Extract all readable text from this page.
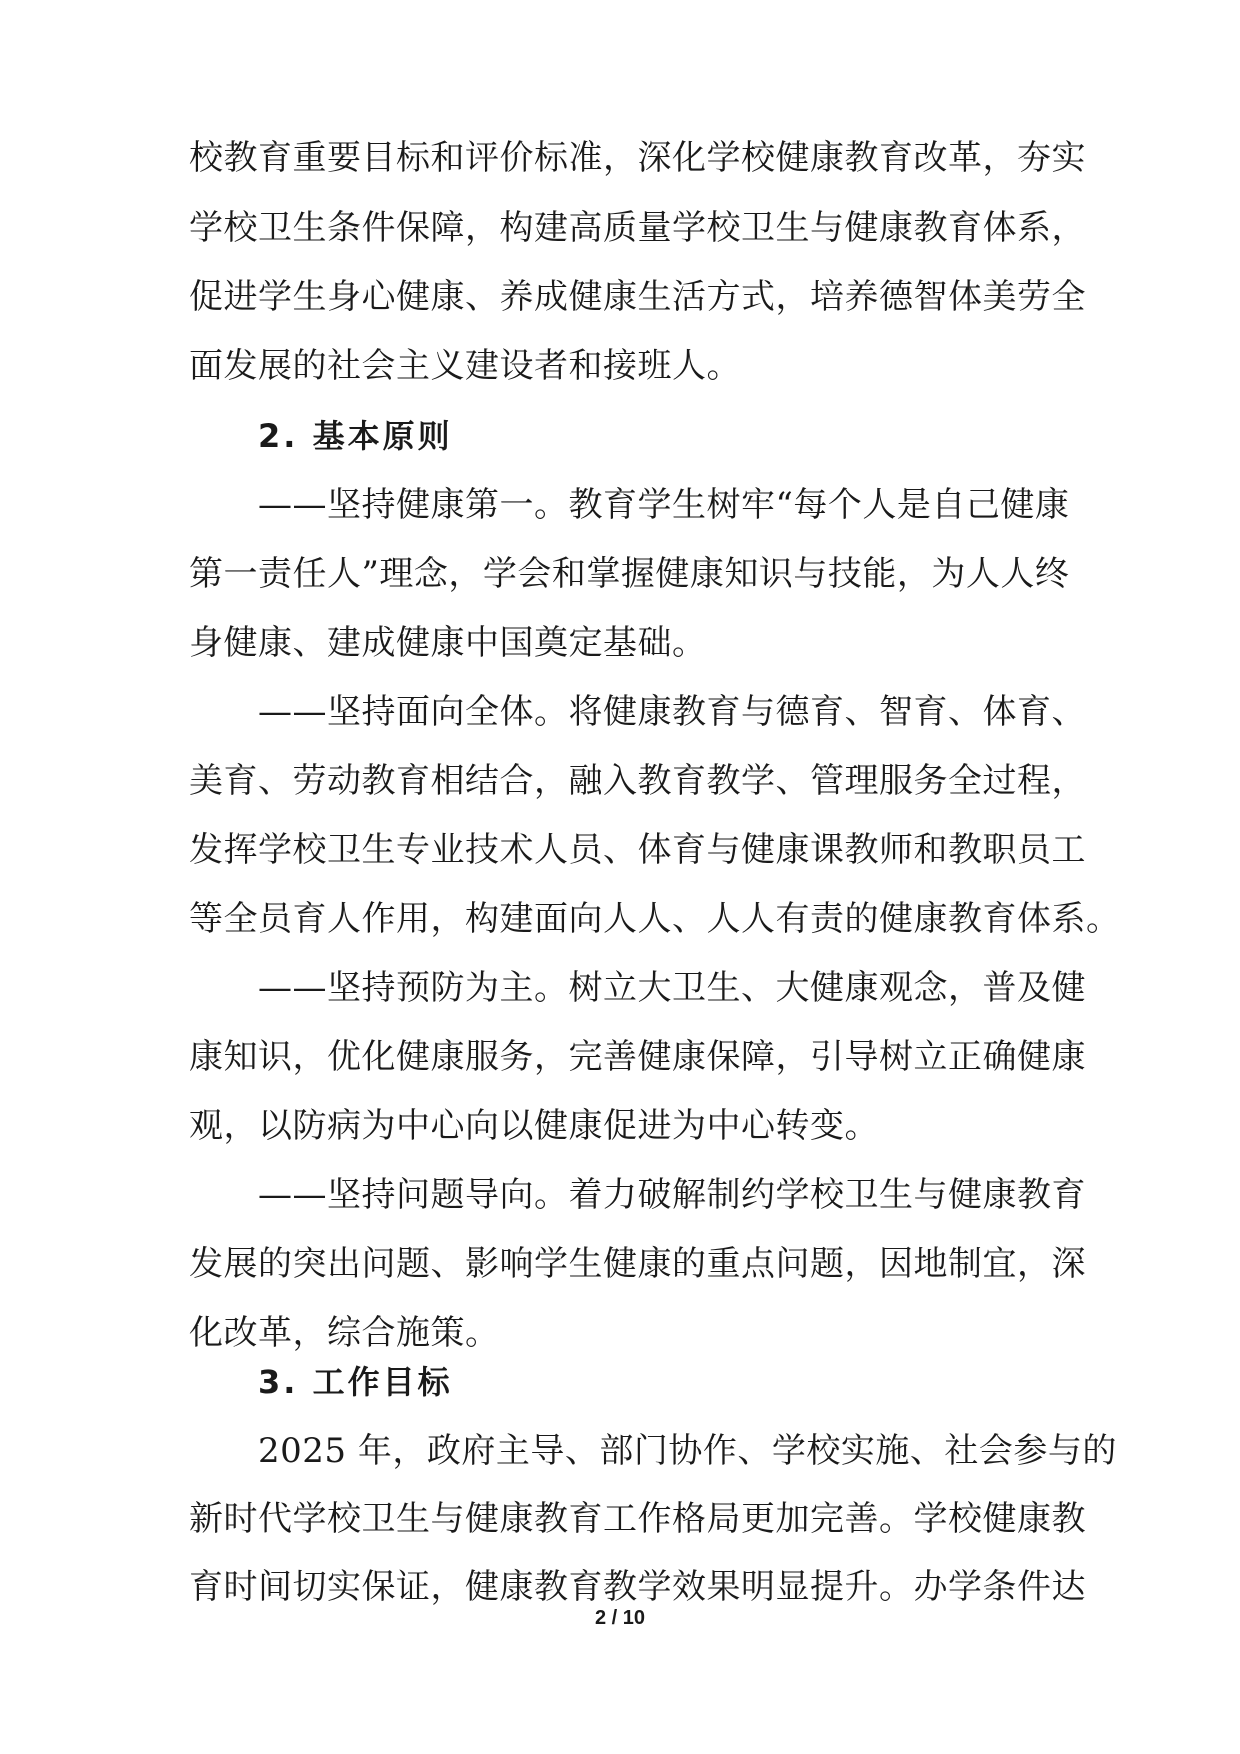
校教育重要目标和评价标准，深化学校健康教育改革，夯实
学校卫生条件保障，构建高质量学校卫生与健康教育体系，
促进学生身心健康、养成健康生活方式，培养德智体美劳全
面发展的社会主义建设者和接班人。
2. 基本原则
——坚持健康第一。教育学生树牢“每个人是自己健康
第一责任人”理念，学会和掌握健康知识与技能，为人人终
身健康、建成健康中国奠定基础。
——坚持面向全体。将健康教育与德育、智育、体育、
美育、劳动教育相结合，融入教育教学、管理服务全过程，
发挥学校卫生专业技术人员、体育与健康课教师和教职员工
等全员育人作用，构建面向人人、人人有责的健康教育体系。
——坚持预防为主。树立大卫生、大健康观念，普及健
康知识，优化健康服务，完善健康保障，引导树立正确健康
观，以防病为中心向以健康促进为中心转变。
——坚持问题导向。着力破解制约学校卫生与健康教育
发展的突出问题、影响学生健康的重点问题，因地制宜，深
化改革，综合施策。
3. 工作目标
2025 年，政府主导、部门协作、学校实施、社会参与的
新时代学校卫生与健康教育工作格局更加完善。学校健康教
2 / 10
育时间切实保证，健康教育教学效果明显提升。办学条件达
